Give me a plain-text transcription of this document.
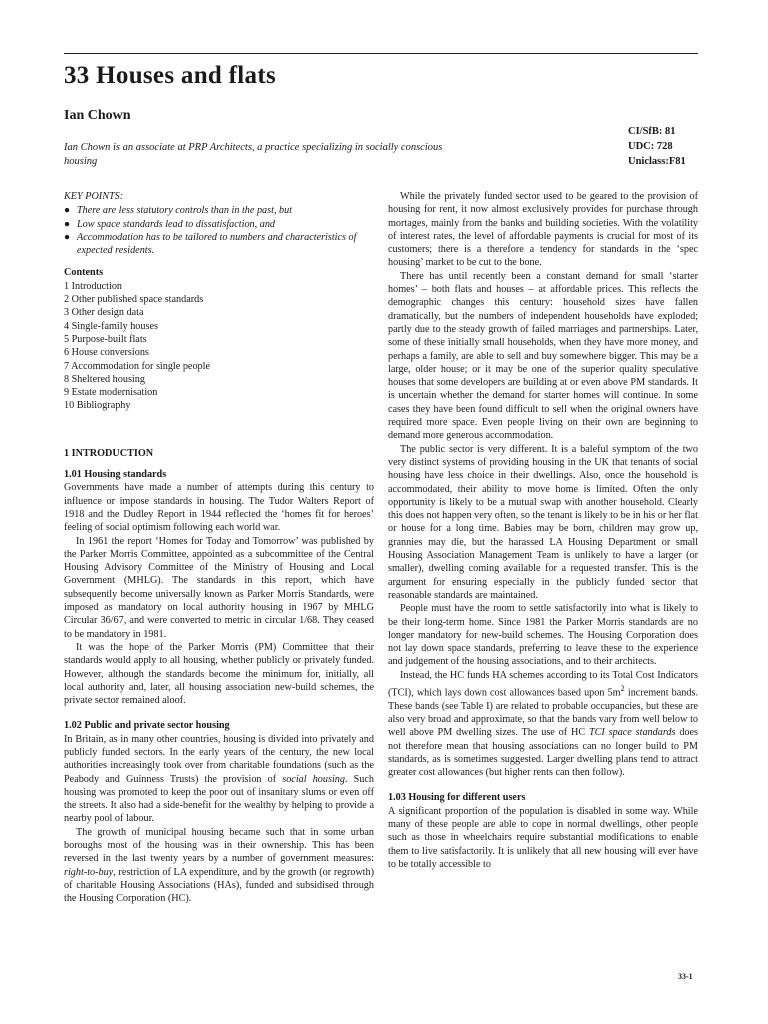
33 Houses and flats
Ian Chown
Ian Chown is an associate at PRP Architects, a practice specializing in socially conscious housing
CI/SfB: 81
UDC: 728
Uniclass:F81
KEY POINTS:
● There are less statutory controls than in the past, but
● Low space standards lead to dissatisfaction, and
● Accommodation has to be tailored to numbers and characteristics of expected residents.
Contents
1 Introduction
2 Other published space standards
3 Other design data
4 Single-family houses
5 Purpose-built flats
6 House conversions
7 Accommodation for single people
8 Sheltered housing
9 Estate modernisation
10 Bibliography
1 INTRODUCTION
1.01 Housing standards

Governments have made a number of attempts during this century to influence or impose standards in housing. The Tudor Walters Report of 1918 and the Dudley Report in 1944 reflected the ‘homes fit for heroes’ feeling of social optimism following each world war.

In 1961 the report ‘Homes for Today and Tomorrow’ was published by the Parker Morris Committee, appointed as a subcommittee of the Central Housing Advisory Committee of the Ministry of Housing and Local Government (MHLG). The standards in this report, which have subsequently become universally known as Parker Morris Standards, were imposed as mandatory on local authority housing in 1967 by MHLG Circular 36/67, and were converted to metric in circular 1/68. They ceased to be mandatory in 1981.

It was the hope of the Parker Morris (PM) Committee that their standards would apply to all housing, whether publicly or privately funded. However, although the standards become the minimum for, initially, all local authority and, later, all housing association new-build schemes, the private sector remained aloof.

1.02 Public and private sector housing

In Britain, as in many other countries, housing is divided into privately and publicly funded sectors. In the early years of the century, the new local authorities increasingly took over from charitable foundations (such as the Peabody and Guinness Trusts) the provision of social housing. Such housing was promoted to keep the poor out of insanitary slums or even off the streets. It also had a side-benefit for the wealthy by helping to provide a nearby pool of labour.

The growth of municipal housing became such that in some urban boroughs most of the housing was in their ownership. This has been reversed in the last twenty years by a number of government measures: right-to-buy, restriction of LA expenditure, and by the growth (or regrowth) of charitable Housing Associations (HAs), funded and subsidised through the Housing Corporation (HC).

While the privately funded sector used to be geared to the provision of housing for rent, it now almost exclusively provides for purchase through mortages, mainly from the banks and building societies. With the volatility of interest rates, the level of affordable payments is crucial for most of its customers; there is a therefore a tendency for standards in the ‘spec housing’ market to be cut to the bone.

There has until recently been a constant demand for small ‘starter homes’ – both flats and houses – at affordable prices. This reflects the demographic changes this century: household sizes have fallen dramatically, but the numbers of independent households have exploded; partly due to the steady growth of failed marriages and partnerships. Later, some of these initially small households, when they have more money, and perhaps a family, are able to sell and buy somewhere bigger. This may be a large, older house; or it may be one of the superior quality speculative houses that some developers are building at or even above PM standards. It is uncertain whether the demand for starter homes will continue. In some cases they have been found difficult to sell when the original owners have required more space. Even people living on their own are beginning to demand more generous accommodation.

The public sector is very different. It is a baleful symptom of the two very distinct systems of providing housing in the UK that tenants of social housing have less choice in their dwellings. Also, once the household is accommodated, their ability to move home is limited. Often the only opportunity is likely to be a mutual swap with another household. Clearly this does not happen very often, so the tenant is likely to be in his or her flat or house for a long time. Babies may be born, children may grow up, grannies may die, but the harassed LA Housing Department or small Housing Association Management Team is unlikely to have a larger (or smaller), dwelling coming available for a requested transfer. This is the argument for ensuring especially in the publicly funded sector that reasonable standards are maintained.

People must have the room to settle satisfactorily into what is likely to be their long-term home. Since 1981 the Parker Morris standards are no longer mandatory for new-build schemes. The Housing Corporation does not lay down space standards, preferring to leave these to the experience and judgement of the housing associations, and to their architects.

Instead, the HC funds HA schemes according to its Total Cost Indicators (TCI), which lays down cost allowances based upon $5m^2$ increment bands. These bands (see Table I) are related to probable occupancies, but these are also very broad and approximate, so that the bands vary from well below to well above PM dwelling sizes. The use of HC TCI space standards does not therefore mean that housing associations can no longer build to PM standards, as is sometimes suggested. Larger dwelling plans tend to attract greater cost allowances (but higher rents can then follow).

1.03 Housing for different users

A significant proportion of the population is disabled in some way. While many of these people are able to cope in normal dwellings, other people such as those in wheelchairs require substantial modifications to enable them to live satisfactorily. It is unlikely that all new housing will ever have to be totally accessible to

33-1
